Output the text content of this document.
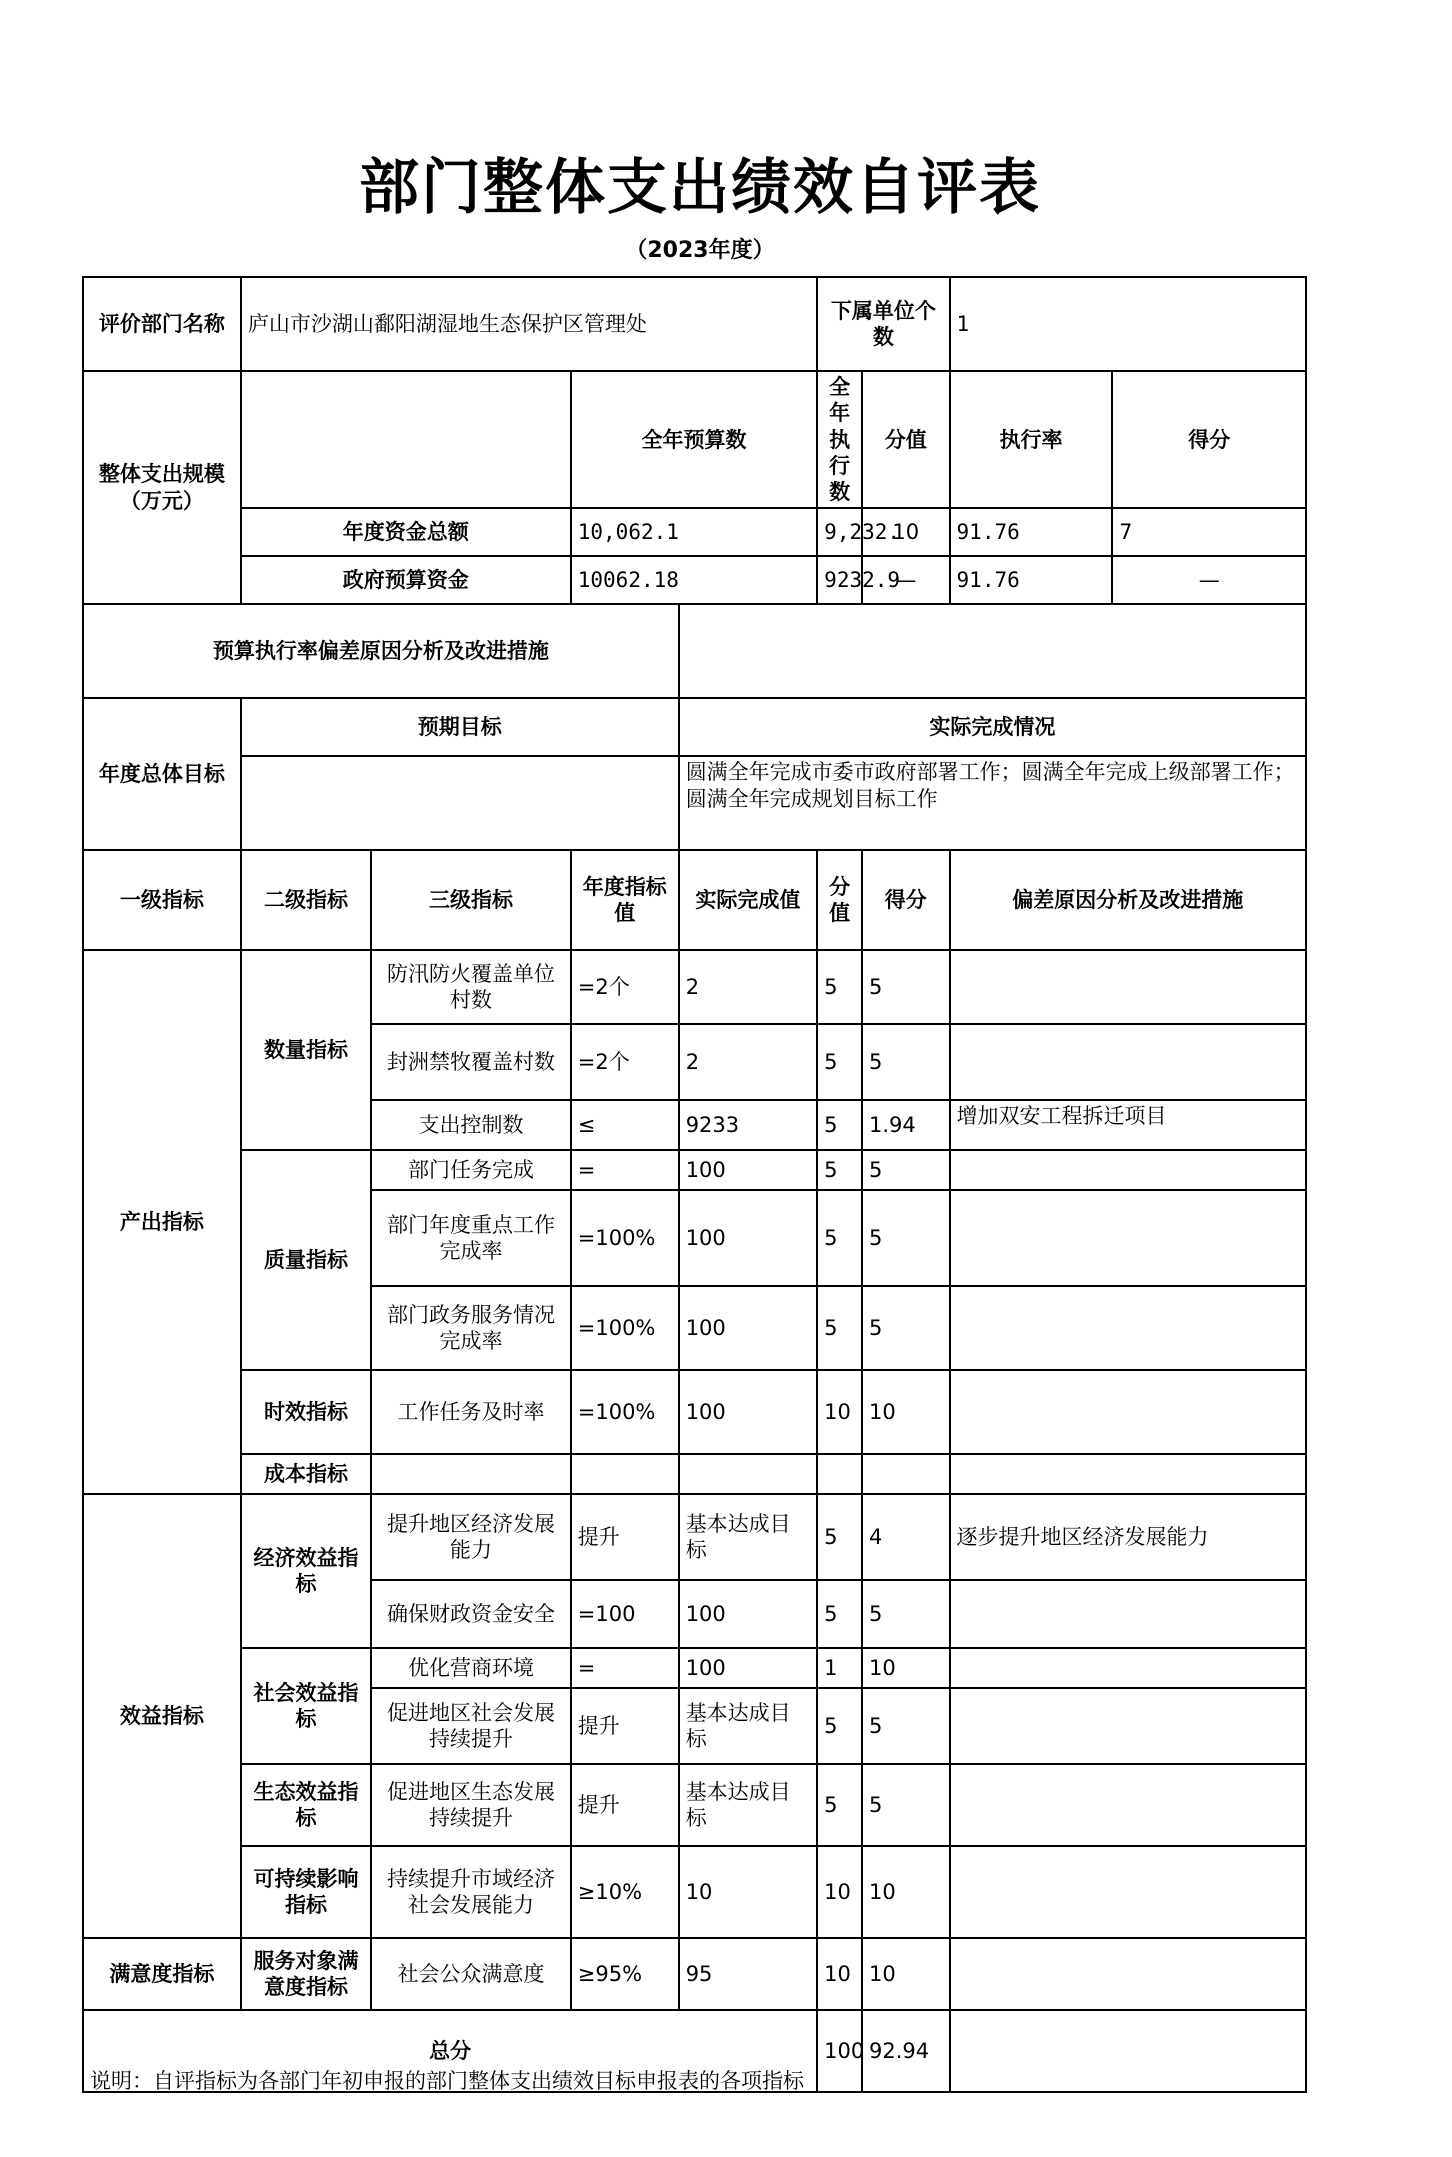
部门整体支出绩效自评表
（2023年度）
评价部门名称	庐山市沙湖山鄱阳湖湿地生态保护区管理处				下属单位个数		1	
整体支出规模（万元）			全年预算数		全年执行数	分值	执行率	得分
	年度资金总额		10,062.1		9,232.	10	91.76	7
	政府预算资金		10062.18		9232.9	—	91.76	—
预算执行率偏差原因分析及改进措施								
年度总体目标	预期目标			实际完成情况				

				圆满全年完成市委市政府部署工作；圆满全年完成上级部署工作；圆满全年完成规划目标工作				

一级指标	二级指标	三级指标	年度指标值	实际完成值	分值	得分	偏差原因分析及改进措施	
产出指标	数量指标	防汛防火覆盖单位村数	=2个	2	5	5		
		封洲禁牧覆盖村数	=2个	2	5	5		
		支出控制数	≤	9233	5	1.94	增加双安工程拆迁项目	

	质量指标	部门任务完成	=	100	5	5		
		部门年度重点工作完成率	=100%	100	5	5		
		部门政务服务情况完成率	=100%	100	5	5		
	时效指标	工作任务及时率	=100%	100	10	10		
	成本指标							
效益指标	经济效益指标	提升地区经济发展能力	提升	基本达成目标	5	4	逐步提升地区经济发展能力	
		确保财政资金安全	=100	100	5	5		
	社会效益指标	优化营商环境	=	100	1	10		
		促进地区社会发展持续提升	提升	基本达成目标	5	5		
	生态效益指标	促进地区生态发展持续提升	提升	基本达成目标	5	5		
	可持续影响指标	持续提升市域经济社会发展能力	≥10%	10	10	10		
满意度指标	服务对象满意度指标	社会公众满意度	≥95%	95	10	10		
总分					100	92.94		
说明：自评指标为各部门年初申报的部门整体支出绩效目标申报表的各项指标
